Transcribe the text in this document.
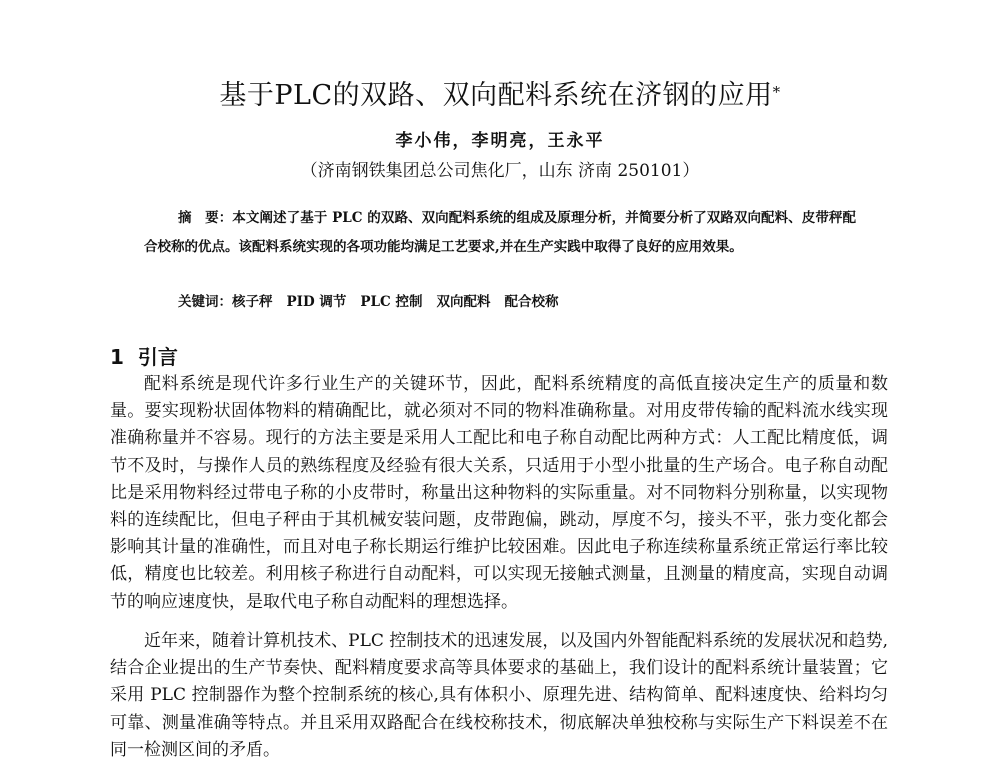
基于PLC的双路、双向配料系统在济钢的应用*
李小伟，李明亮，王永平
（济南钢铁集团总公司焦化厂，山东 济南 250101）
摘　要：本文阐述了基于 PLC 的双路、双向配料系统的组成及原理分析，并简要分析了双路双向配料、皮带秤配合校称的优点。该配料系统实现的各项功能均满足工艺要求,并在生产实践中取得了良好的应用效果。
关键词：核子秤 PID 调节 PLC 控制 双向配料 配合校称
1 引言

配料系统是现代许多行业生产的关键环节，因此，配料系统精度的高低直接决定生产的质量和数量。要实现粉状固体物料的精确配比，就必须对不同的物料准确称量。对用皮带传输的配料流水线实现准确称量并不容易。现行的方法主要是采用人工配比和电子称自动配比两种方式：人工配比精度低，调节不及时，与操作人员的熟练程度及经验有很大关系，只适用于小型小批量的生产场合。电子称自动配比是采用物料经过带电子称的小皮带时，称量出这种物料的实际重量。对不同物料分别称量，以实现物料的连续配比，但电子秤由于其机械安装问题，皮带跑偏，跳动，厚度不匀，接头不平，张力变化都会影响其计量的准确性，而且对电子称长期运行维护比较困难。因此电子称连续称量系统正常运行率比较低，精度也比较差。利用核子称进行自动配料，可以实现无接触式测量，且测量的精度高，实现自动调节的响应速度快，是取代电子称自动配料的理想选择。

近年来，随着计算机技术、PLC 控制技术的迅速发展，以及国内外智能配料系统的发展状况和趋势,结合企业提出的生产节奏快、配料精度要求高等具体要求的基础上，我们设计的配料系统计量装置；它采用 PLC 控制器作为整个控制系统的核心,具有体积小、原理先进、结构简单、配料速度快、给料均匀可靠、测量准确等特点。并且采用双路配合在线校称技术，彻底解决单独校称与实际生产下料误差不在同一检测区间的矛盾。
